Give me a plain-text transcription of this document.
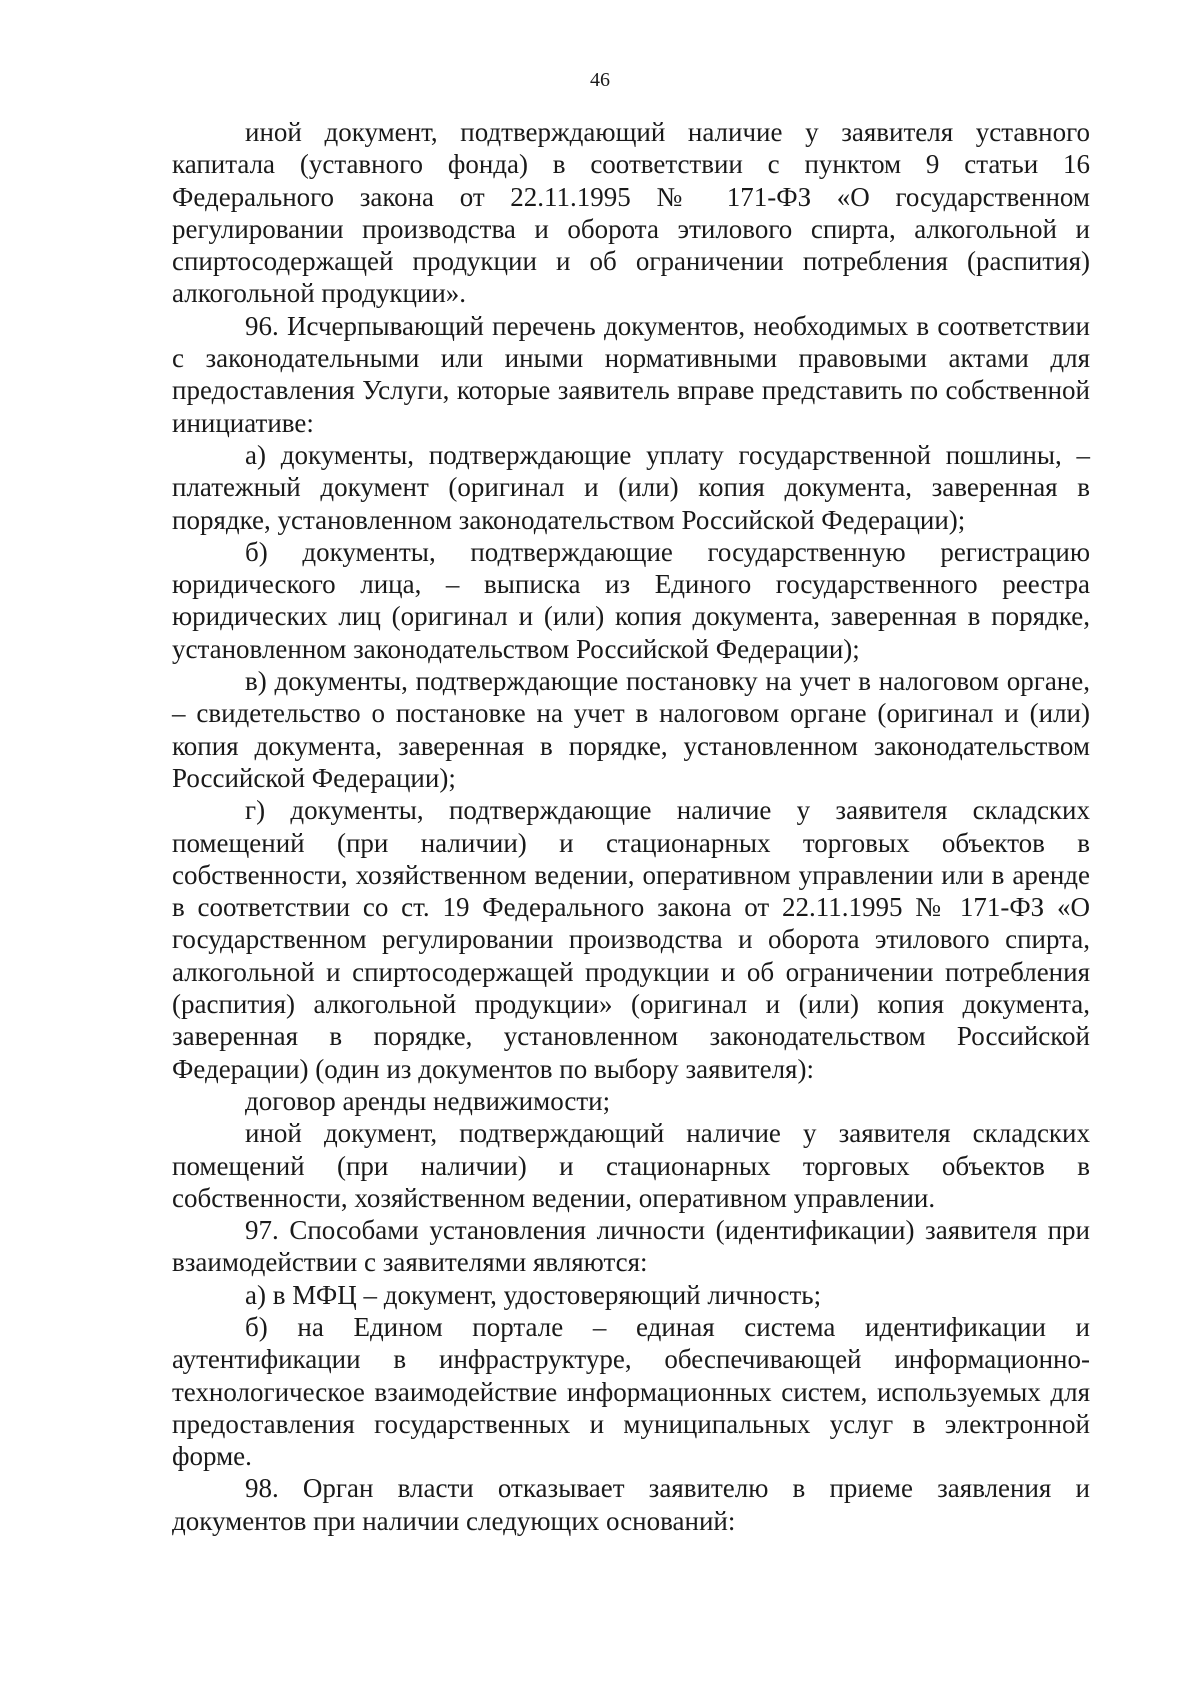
46

иной документ, подтверждающий наличие у заявителя уставного капитала (уставного фонда) в соответствии с пунктом 9 статьи 16 Федерального закона от 22.11.1995 № 171-ФЗ «О государственном регулировании производства и оборота этилового спирта, алкогольной и спиртосодержащей продукции и об ограничении потребления (распития) алкогольной продукции».

96. Исчерпывающий перечень документов, необходимых в соответствии с законодательными или иными нормативными правовыми актами для предоставления Услуги, которые заявитель вправе представить по собственной инициативе:

а) документы, подтверждающие уплату государственной пошлины, – платежный документ (оригинал и (или) копия документа, заверенная в порядке, установленном законодательством Российской Федерации);

б) документы, подтверждающие государственную регистрацию юридического лица, – выписка из Единого государственного реестра юридических лиц (оригинал и (или) копия документа, заверенная в порядке, установленном законодательством Российской Федерации);

в) документы, подтверждающие постановку на учет в налоговом органе, – свидетельство о постановке на учет в налоговом органе (оригинал и (или) копия документа, заверенная в порядке, установленном законодательством Российской Федерации);

г) документы, подтверждающие наличие у заявителя складских помещений (при наличии) и стационарных торговых объектов в собственности, хозяйственном ведении, оперативном управлении или в аренде в соответствии со ст. 19 Федерального закона от 22.11.1995 № 171-ФЗ «О государственном регулировании производства и оборота этилового спирта, алкогольной и спиртосодержащей продукции и об ограничении потребления (распития) алкогольной продукции» (оригинал и (или) копия документа, заверенная в порядке, установленном законодательством Российской Федерации) (один из документов по выбору заявителя):

договор аренды недвижимости;

иной документ, подтверждающий наличие у заявителя складских помещений (при наличии) и стационарных торговых объектов в собственности, хозяйственном ведении, оперативном управлении.

97. Способами установления личности (идентификации) заявителя при взаимодействии с заявителями являются:

а) в МФЦ – документ, удостоверяющий личность;

б) на Едином портале – единая система идентификации и аутентификации в инфраструктуре, обеспечивающей информационно-технологическое взаимодействие информационных систем, используемых для предоставления государственных и муниципальных услуг в электронной форме.

98. Орган власти отказывает заявителю в приеме заявления и документов при наличии следующих оснований:
